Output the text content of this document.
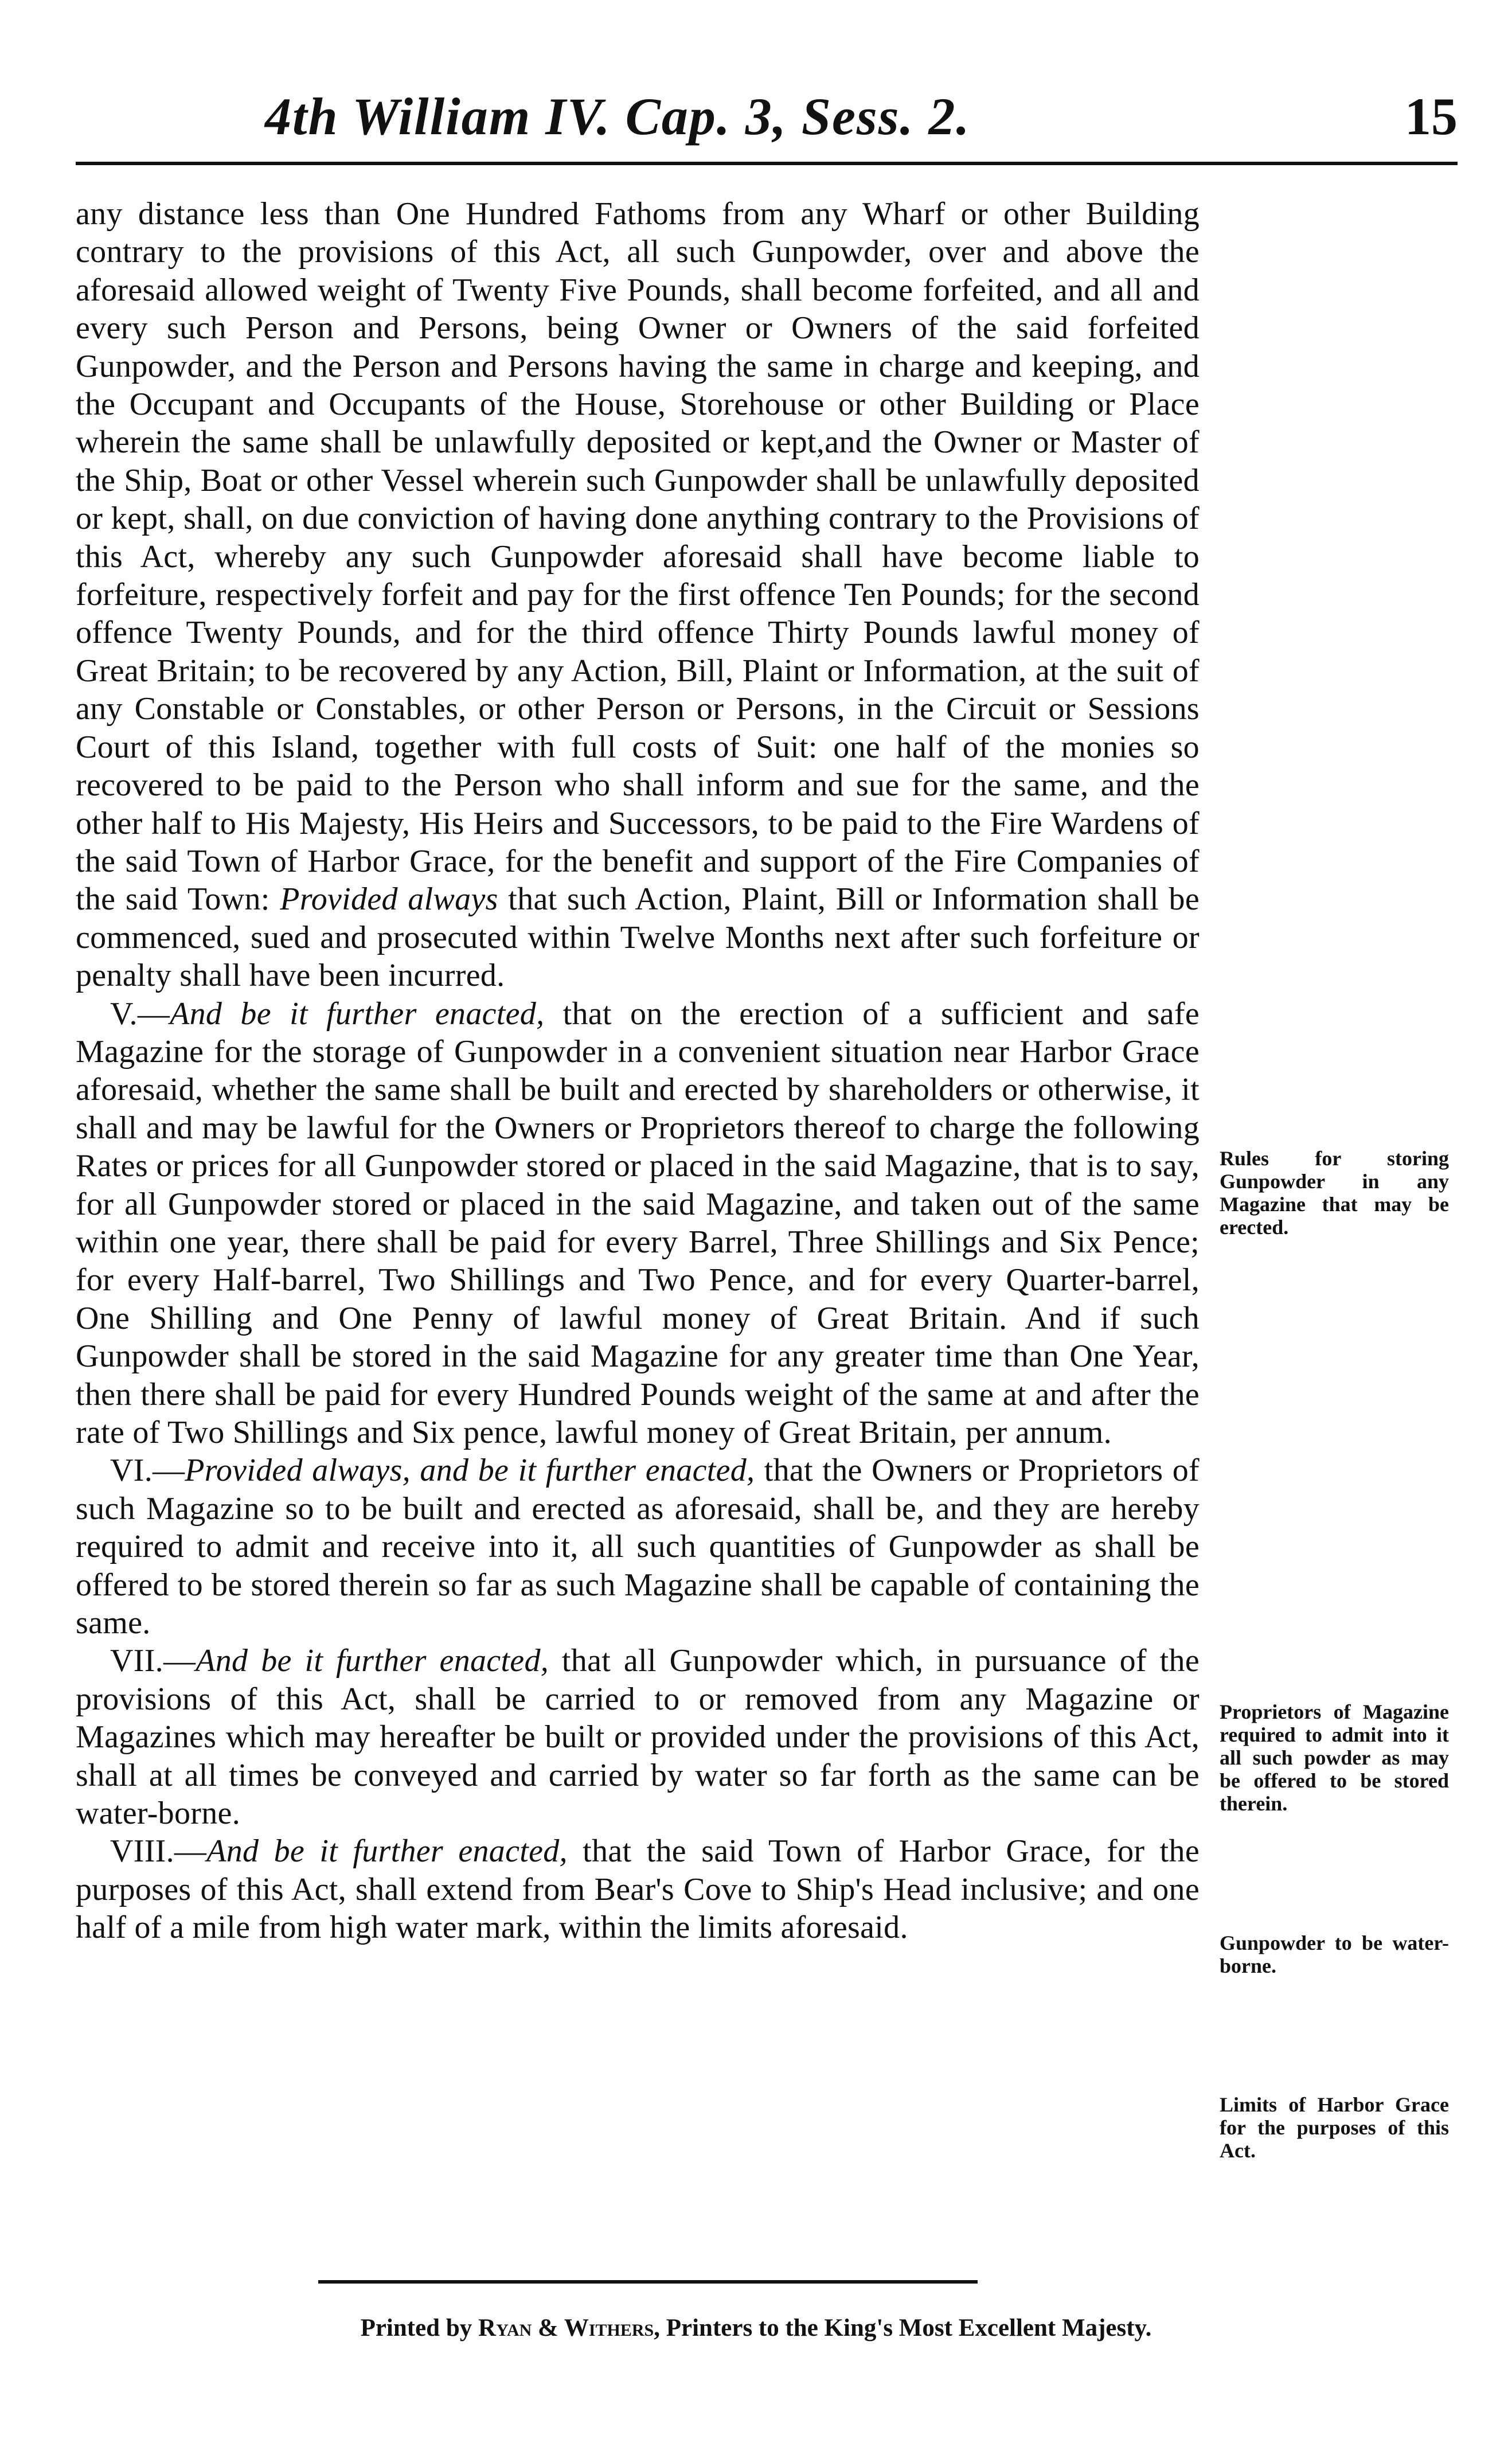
4th William IV. Cap. 3, Sess. 2.	15

any distance less than One Hundred Fathoms from any Wharf or other Building contrary to the provisions of this Act, all such Gunpowder, over and above the aforesaid allowed weight of Twenty Five Pounds, shall become forfeited, and all and every such Person and Persons, being Owner or Owners of the said forfeited Gunpowder, and the Person and Persons having the same in charge and keeping, and the Occupant and Occupants of the House, Storehouse or other Building or Place wherein the same shall be unlawfully deposited or kept,and the Owner or Master of the Ship, Boat or other Vessel wherein such Gunpowder shall be unlawfully deposited or kept, shall, on due conviction of having done anything contrary to the Provisions of this Act, whereby any such Gunpowder aforesaid shall have become liable to forfeiture, respectively forfeit and pay for the first offence Ten Pounds; for the second offence Twenty Pounds, and for the third offence Thirty Pounds lawful money of Great Britain; to be recovered by any Action, Bill, Plaint or Information, at the suit of any Constable or Constables, or other Person or Persons, in the Circuit or Sessions Court of this Island, together with full costs of Suit: one half of the monies so recovered to be paid to the Person who shall inform and sue for the same, and the other half to His Majesty, His Heirs and Successors, to be paid to the Fire Wardens of the said Town of Harbor Grace, for the benefit and support of the Fire Companies of the said Town: Provided always that such Action, Plaint, Bill or Information shall be commenced, sued and prosecuted within Twelve Months next after such forfeiture or penalty shall have been incurred.

V.—And be it further enacted, that on the erection of a sufficient and safe Magazine for the storage of Gunpowder in a convenient situation near Harbor Grace aforesaid, whether the same shall be built and erected by shareholders or otherwise, it shall and may be lawful for the Owners or Proprietors thereof to charge the following Rates or prices for all Gunpowder stored or placed in the said Magazine, that is to say, for all Gunpowder stored or placed in the said Magazine, and taken out of the same within one year, there shall be paid for every Barrel, Three Shillings and Six Pence; for every Half-barrel, Two Shillings and Two Pence, and for every Quarter-barrel, One Shilling and One Penny of lawful money of Great Britain. And if such Gunpowder shall be stored in the said Magazine for any greater time than One Year, then there shall be paid for every Hundred Pounds weight of the same at and after the rate of Two Shillings and Six pence, lawful money of Great Britain, per annum.

VI.—Provided always, and be it further enacted, that the Owners or Proprietors of such Magazine so to be built and erected as aforesaid, shall be, and they are hereby required to admit and receive into it, all such quantities of Gunpowder as shall be offered to be stored therein so far as such Magazine shall be capable of containing the same.

VII.—And be it further enacted, that all Gunpowder which, in pursuance of the provisions of this Act, shall be carried to or removed from any Magazine or Magazines which may hereafter be built or provided under the provisions of this Act, shall at all times be conveyed and carried by water so far forth as the same can be water-borne.

VIII.—And be it further enacted, that the said Town of Harbor Grace, for the purposes of this Act, shall extend from Bear's Cove to Ship's Head inclusive; and one half of a mile from high water mark, within the limits aforesaid.

Rules for storing Gunpowder in any Magazine that may be erected.
Proprietors of Magazine required to admit into it all such powder as may be offered to be stored therein.
Gunpowder to be water-borne.
Limits of Harbor Grace for the purposes of this Act.
Printed by Ryan & Withers, Printers to the King's Most Excellent Majesty.
